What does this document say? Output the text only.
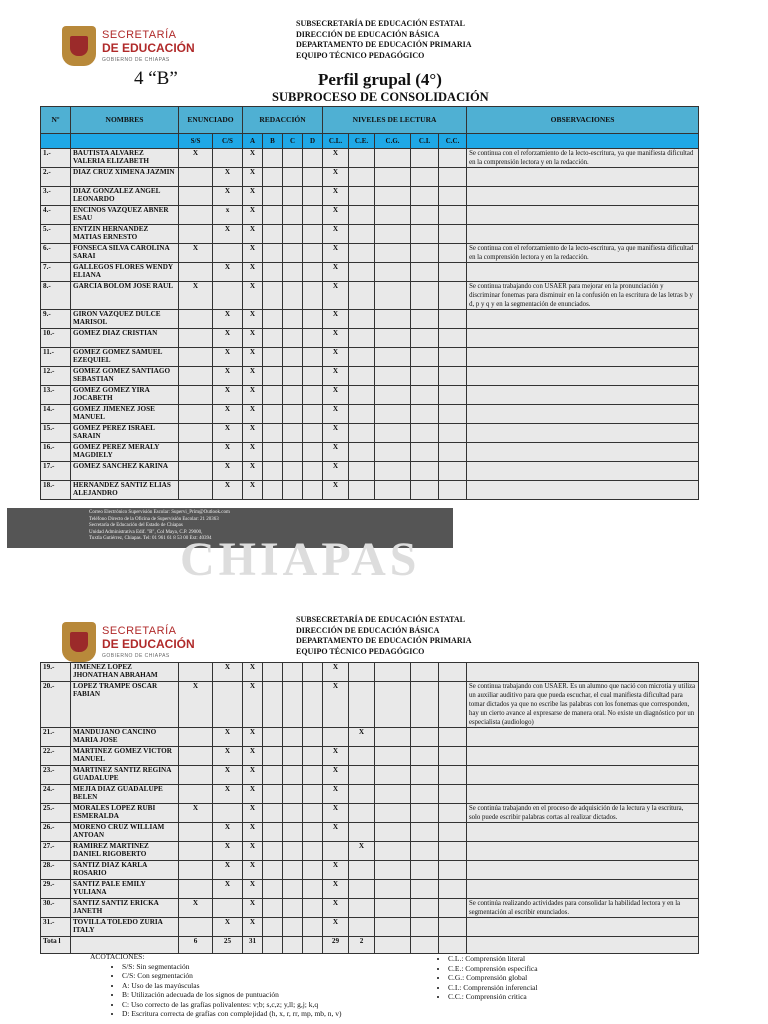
SECRETARÍA
DE EDUCACIÓN
GOBIERNO DE CHIAPAS
SUBSECRETARÍA DE EDUCACIÓN ESTATAL
DIRECCIÓN DE EDUCACIÓN BÁSICA
DEPARTAMENTO DE EDUCACIÓN PRIMARIA
EQUIPO TÉCNICO PEDAGÓGICO
4 “B”	Perfil grupal (4°)
SUBPROCESO DE CONSOLIDACIÓN
Nº	NOMBRES	ENUNCIADO		REDACCIÓN				NIVELES DE LECTURA					OBSERVACIONES
		S/S	C/S	A	B	C	D	C.L.	C.E.	C.G.	C.I.	C.C.	
1.-	BAUTISTA ALVAREZ VALERIA ELIZABETH	X		X				X					Se continua con el reforzamiento de la lecto-escritura, ya que manifiesta dificultad en la comprensión lectora y en la redacción.
2.-	DIAZ CRUZ XIMENA JAZMIN		X	X				X					
3.-	DIAZ GONZALEZ ANGEL LEONARDO		X	X				X					
4.-	ENCINOS VAZQUEZ ABNER ESAU		x	X				X					
5.-	ENTZIN HERNANDEZ MATIAS ERNESTO		X	X				X					
6.-	FONSECA SILVA CAROLINA SARAI	X		X				X					Se continua con el reforzamiento de la lecto-escritura, ya que manifiesta dificultad en la comprensión lectora y en la redacción.
7.-	GALLEGOS FLORES WENDY ELIANA		X	X				X					
8.-	GARCIA BOLOM JOSE RAUL	X		X				X					Se continua trabajando con USAER para mejorar en la pronunciación y discriminar fonemas para disminuir en la confusión en la escritura de las letras b y d, p y q y en la segmentación de enunciados.
9.-	GIRON VAZQUEZ DULCE MARISOL		X	X				X					
10.-	GOMEZ DIAZ CRISTIAN		X	X				X					
11.-	GOMEZ GOMEZ SAMUEL EZEQUIEL		X	X				X					
12.-	GOMEZ GOMEZ SANTIAGO SEBASTIAN		X	X				X					
13.-	GOMEZ GOMEZ YIRA JOCABETH		X	X				X					
14.-	GOMEZ JIMENEZ JOSE MANUEL		X	X				X					
15.-	GOMEZ PEREZ ISRAEL SARAIN		X	X				X					
16.-	GOMEZ PEREZ MERALY MAGDIELY		X	X				X					
17.-	GOMEZ SANCHEZ KARINA		X	X				X					
18.-	HERNANDEZ SANTIZ ELIAS ALEJANDRO		X	X				X					
Correo Electrónico Supervisión Escolar: Supervi_Prim@Outlook.com
Teléfono Directo de la Oficina de Supervisión Escolar: 21 20363
Secretaría de Educación del Estado de Chiapas
Unidad Administrativa Edif. "B", Col Maya, C.P. 29000,
Tuxtla Gutiérrez, Chiapas. Tel: 01 961 61 8 53 00 Ext: 40394
CHIAPAS
SECRETARÍA
DE EDUCACIÓN
GOBIERNO DE CHIAPAS
SUBSECRETARÍA DE EDUCACIÓN ESTATAL
DIRECCIÓN DE EDUCACIÓN BÁSICA
DEPARTAMENTO DE EDUCACIÓN PRIMARIA
EQUIPO TÉCNICO PEDAGÓGICO
19.-	JIMENEZ LOPEZ JHONATHAN ABRAHAM		X	X				X					
20.-	LOPEZ TRAMPE OSCAR FABIAN	X		X				X					Se continua trabajando con USAER. Es un alumno que nació con microtia y utiliza un auxiliar auditivo para que pueda escuchar, el cual manifiesta dificultad para tomar dictados ya que no escribe las palabras con los fonemas que corresponden, hay un cierto avance al expresarse de manera oral. No existe un diagnóstico por un especialista (audiologo)
21.-	MANDUJANO CANCINO MARIA JOSE		X	X					X				
22.-	MARTINEZ GOMEZ VICTOR MANUEL		X	X				X					
23.-	MARTINEZ SANTIZ REGINA GUADALUPE		X	X				X					
24.-	MEJIA DIAZ GUADALUPE BELEN		X	X				X					
25.-	MORALES LOPEZ RUBI ESMERALDA	X		X				X					Se continúa trabajando en el proceso de adquisición de la lectura y la escritura, solo puede escribir palabras cortas al realizar dictados.
26.-	MORENO CRUZ WILLIAM ANTOAN		X	X				X					
27.-	RAMIREZ MARTINEZ DANIEL RIGOBERTO		X	X					X				
28.-	SANTIZ DIAZ KARLA ROSARIO		X	X				X					
29.-	SANTIZ PALE EMILY YULIANA		X	X				X					
30.-	SANTIZ SANTIZ ERICKA JANETH	X		X				X					Se continúa realizando actividades para consolidar la habilidad lectora y en la segmentación al escribir enunciados.
31.-	TOVILLA TOLEDO ZURIA ITALY		X	X				X					
Tota l		6	25	31				29	2				
ACOTACIONES:
• S/S: Sin segmentación
• C/S: Con segmentación
• A: Uso de las mayúsculas
• B: Utilización adecuada de los signos de puntuación
• C: Uso correcto de las grafías polivalentes: v;b; s,c,z; y,ll; g,j; k,q
• D: Escritura correcta de grafías con complejidad (h, x, r, rr, mp, mb, n, v)
• C.L.: Comprensión literal
• C.E.: Comprensión especifica
• C.G.: Comprensión global
• C.I.: Comprensión inferencial
• C.C.: Comprensión critica
